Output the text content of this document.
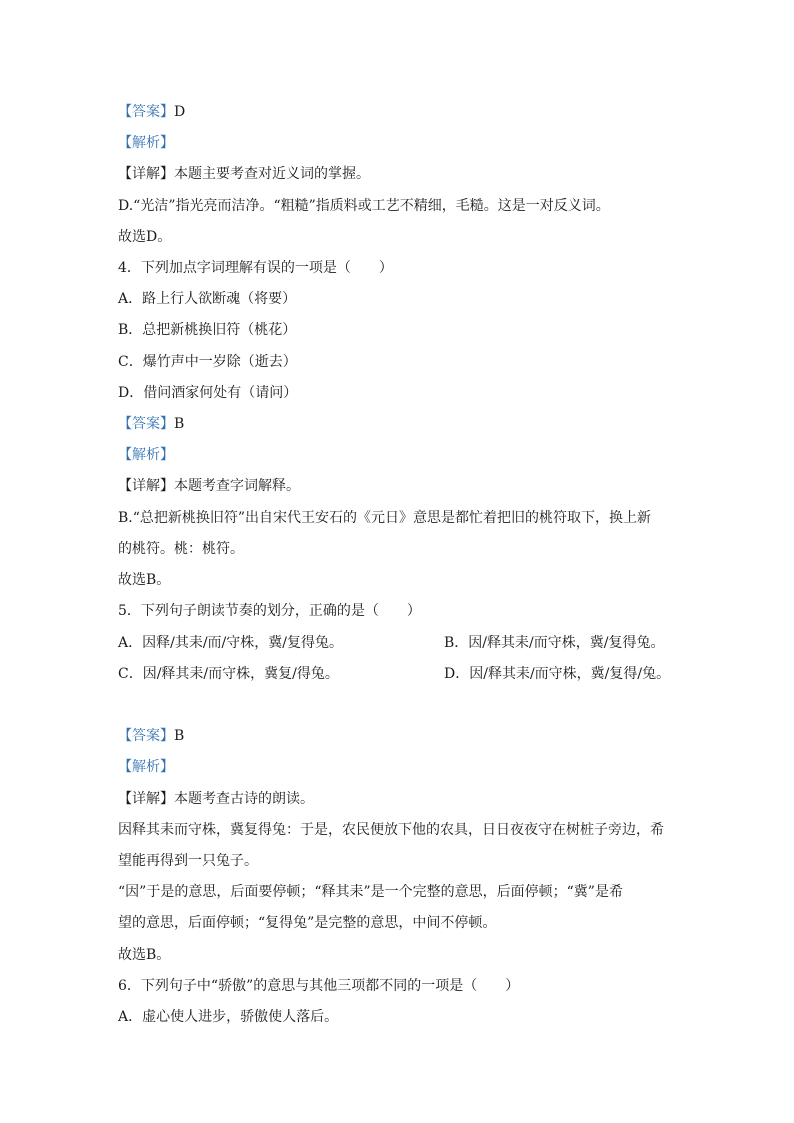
【答案】D
【解析】
【详解】本题主要考查对近义词的掌握。
D.“光洁”指光亮而洁净。“粗糙”指质料或工艺不精细，毛糙。这是一对反义词。
故选D。
4．下列加点字词理解有误的一项是（　　）
A．路上行人欲断魂（将要）
B．总把新桃换旧符（桃花）
C．爆竹声中一岁除（逝去）
D．借问酒家何处有（请问）
【答案】B
【解析】
【详解】本题考查字词解释。
B.“总把新桃换旧符”出自宋代王安石的《元日》意思是都忙着把旧的桃符取下，换上新
的桃符。桃：桃符。
故选B。
5．下列句子朗读节奏的划分，正确的是（　　）
A．因释/其耒/而/守株，冀/复得兔。	B．因/释其耒/而守株，冀/复得兔。
C．因/释其耒/而守株，冀复/得兔。	D．因/释其耒/而守株，冀/复得/兔。
【答案】B
【解析】
【详解】本题考查古诗的朗读。
因释其耒而守株，冀复得兔：于是，农民便放下他的农具，日日夜夜守在树桩子旁边，希
望能再得到一只兔子。
“因”于是的意思，后面要停顿；“释其耒”是一个完整的意思，后面停顿；“冀”是希
望的意思，后面停顿；“复得兔”是完整的意思，中间不停顿。
故选B。
6．下列句子中“骄傲”的意思与其他三项都不同的一项是（　　）
A．虚心使人进步，骄傲使人落后。
